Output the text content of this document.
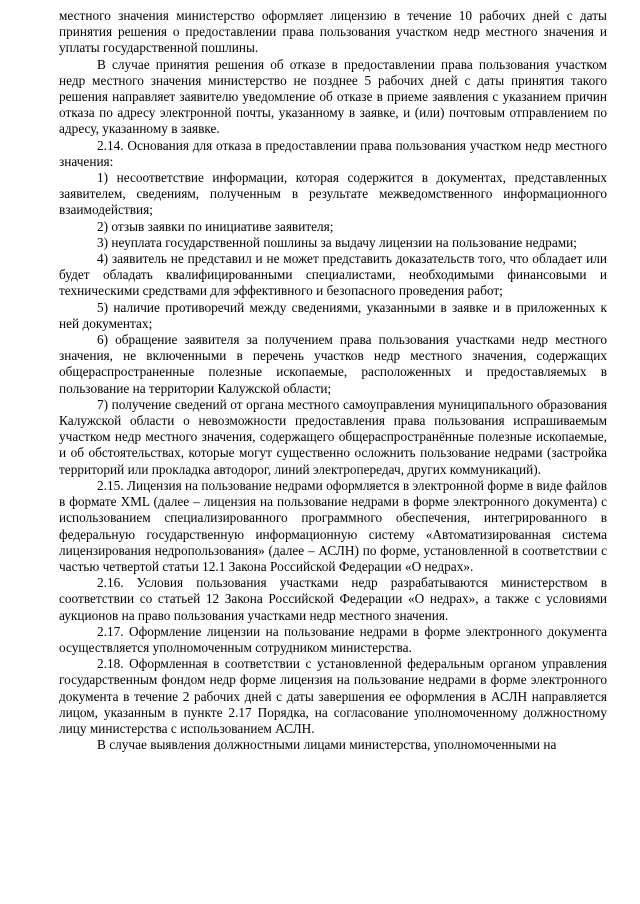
местного значения министерство оформляет лицензию в течение 10 рабочих дней с даты принятия решения о предоставлении права пользования участком недр местного значения и уплаты государственной пошлины.

В случае принятия решения об отказе в предоставлении права пользования участком недр местного значения министерство не позднее 5 рабочих дней с даты принятия такого решения направляет заявителю уведомление об отказе в приеме заявления с указанием причин отказа по адресу электронной почты, указанному в заявке, и (или) почтовым отправлением по адресу, указанному в заявке.

2.14. Основания для отказа в предоставлении права пользования участком недр местного значения:

1) несоответствие информации, которая содержится в документах, представленных заявителем, сведениям, полученным в результате межведомственного информационного взаимодействия;

2) отзыв заявки по инициативе заявителя;

3) неуплата государственной пошлины за выдачу лицензии на пользование недрами;

4) заявитель не представил и не может представить доказательств того, что обладает или будет обладать квалифицированными специалистами, необходимыми финансовыми и техническими средствами для эффективного и безопасного проведения работ;

5) наличие противоречий между сведениями, указанными в заявке и в приложенных к ней документах;

6) обращение заявителя за получением права пользования участками недр местного значения, не включенными в перечень участков недр местного значения, содержащих общераспространенные полезные ископаемые, расположенных и предоставляемых в пользование на территории Калужской области;

7) получение сведений от органа местного самоуправления муниципального образования Калужской области о невозможности предоставления права пользования испрашиваемым участком недр местного значения, содержащего общераспространённые полезные ископаемые, и об обстоятельствах, которые могут существенно осложнить пользование недрами (застройка территорий или прокладка автодорог, линий электропередач, других коммуникаций).

2.15. Лицензия на пользование недрами оформляется в электронной форме в виде файлов в формате XML (далее – лицензия на пользование недрами в форме электронного документа) с использованием специализированного программного обеспечения, интегрированного в федеральную государственную информационную систему «Автоматизированная система лицензирования недропользования» (далее – АСЛН) по форме, установленной в соответствии с частью четвертой статьи 12.1 Закона Российской Федерации «О недрах».

2.16. Условия пользования участками недр разрабатываются министерством в соответствии со статьей 12 Закона Российской Федерации «О недрах», а также с условиями аукционов на право пользования участками недр местного значения.

2.17. Оформление лицензии на пользование недрами в форме электронного документа осуществляется уполномоченным сотрудником министерства.

2.18. Оформленная в соответствии с установленной федеральным органом управления государственным фондом недр форме лицензия на пользование недрами в форме электронного документа в течение 2 рабочих дней с даты завершения ее оформления в АСЛН направляется лицом, указанным в пункте 2.17 Порядка, на согласование уполномоченному должностному лицу министерства с использованием АСЛН.

В случае выявления должностными лицами министерства, уполномоченными на
